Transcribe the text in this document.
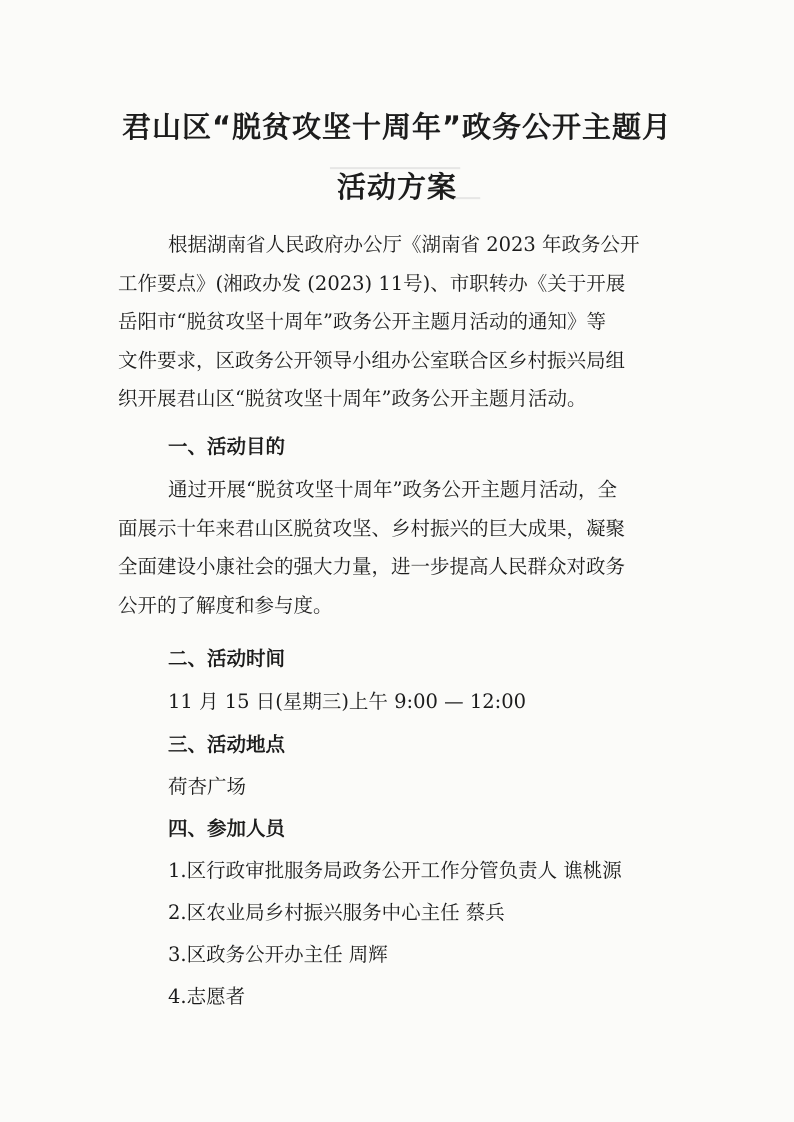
▁▁▁▁▁▁▁▁▁▁▁▁▁
▁▁▁
君山区“脱贫攻坚十周年”政务公开主题月
活动方案
根据湖南省人民政府办公厅《湖南省 2023 年政务公开
工作要点》(湘政办发 (2023) 11号)、市职转办《关于开展
岳阳市“脱贫攻坚十周年”政务公开主题月活动的通知》等
文件要求，区政务公开领导小组办公室联合区乡村振兴局组
织开展君山区“脱贫攻坚十周年”政务公开主题月活动。
一、活动目的
通过开展“脱贫攻坚十周年”政务公开主题月活动，全
面展示十年来君山区脱贫攻坚、乡村振兴的巨大成果，凝聚
全面建设小康社会的强大力量，进一步提高人民群众对政务
公开的了解度和参与度。
二、活动时间
11 月 15 日(星期三)上午 9:00 — 12:00
三、活动地点
荷杏广场
四、参加人员
1.区行政审批服务局政务公开工作分管负责人 谯桃源
2.区农业局乡村振兴服务中心主任 蔡兵
3.区政务公开办主任 周辉
4.志愿者
